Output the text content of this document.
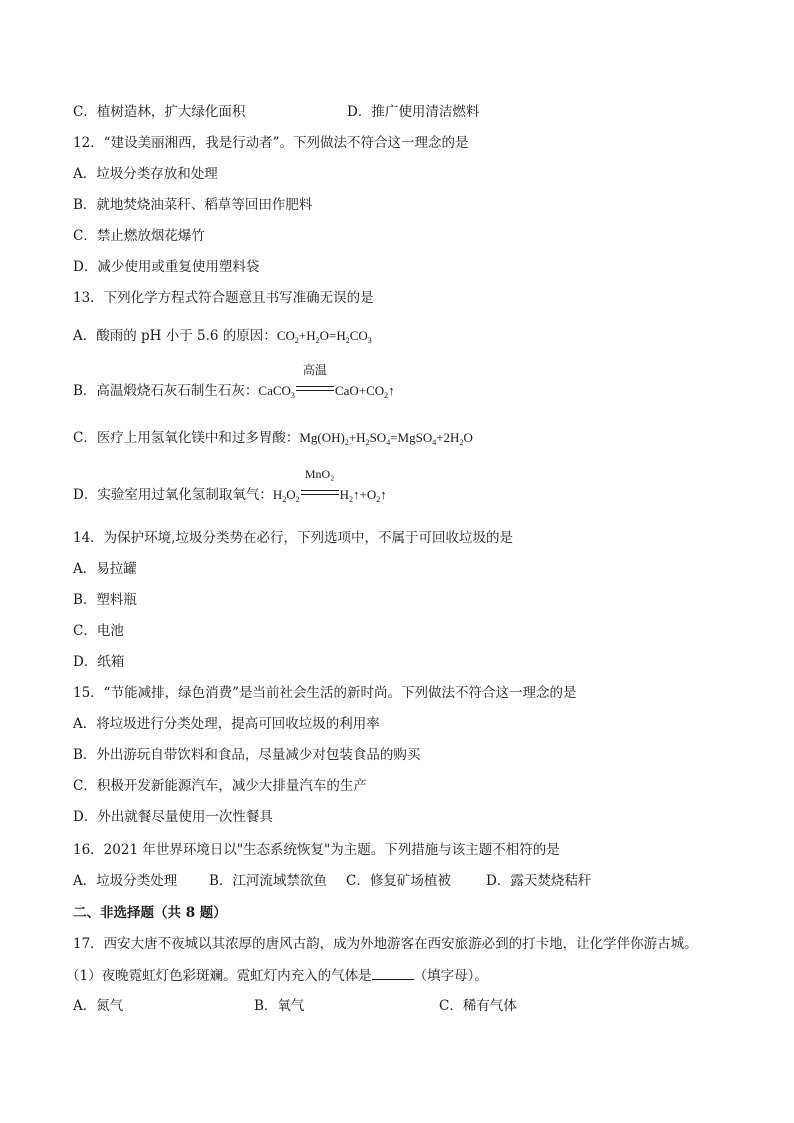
C．植树造林，扩大绿化面积	D．推广使用清洁燃料
12．“建设美丽湘西，我是行动者”。下列做法不符合这一理念的是
A．垃圾分类存放和处理
B．就地焚烧油菜秆、稻草等回田作肥料
C．禁止燃放烟花爆竹
D．减少使用或重复使用塑料袋
13．下列化学方程式符合题意且书写准确无误的是
A．酸雨的 pH 小于 5.6 的原因：$CO_2+H_2O=H_2CO_3$
B．高温煅烧石灰石制生石灰：CaCO$_3$
高温
$CaO+CO_2↑$
C．医疗上用氢氧化镁中和过多胃酸：$Mg(OH)_2+H_2SO_4=MgSO_4+2H_2O$
D．实验室用过氧化氢制取氧气：$H_2O_2$
MnO₂
$H_2↑+O_2↑$
14．为保护环境,垃圾分类势在必行，下列选项中，不属于可回收垃圾的是
A．易拉罐
B．塑料瓶
C．电池
D．纸箱
15．“节能减排，绿色消费”是当前社会生活的新时尚。下列做法不符合这一理念的是
A．将垃圾进行分类处理，提高可回收垃圾的利用率
B．外出游玩自带饮料和食品，尽量减少对包装食品的购买
C．积极开发新能源汽车，减少大排量汽车的生产
D．外出就餐尽量使用一次性餐具
16．2021 年世界环境日以"生态系统恢复"为主题。下列措施与该主题不相符的是
A．垃圾分类处理 B．江河流域禁欲鱼 C．修复矿场植被	D．露天焚烧秸秆
二、非选择题（共 8 题）
17．西安大唐不夜城以其浓厚的唐风古韵，成为外地游客在西安旅游必到的打卡地，让化学伴你游古城。
（1）夜晚霓虹灯色彩斑斓。霓虹灯内充入的气体是	（填字母）。
A．氮气	B．氧气	C．稀有气体
